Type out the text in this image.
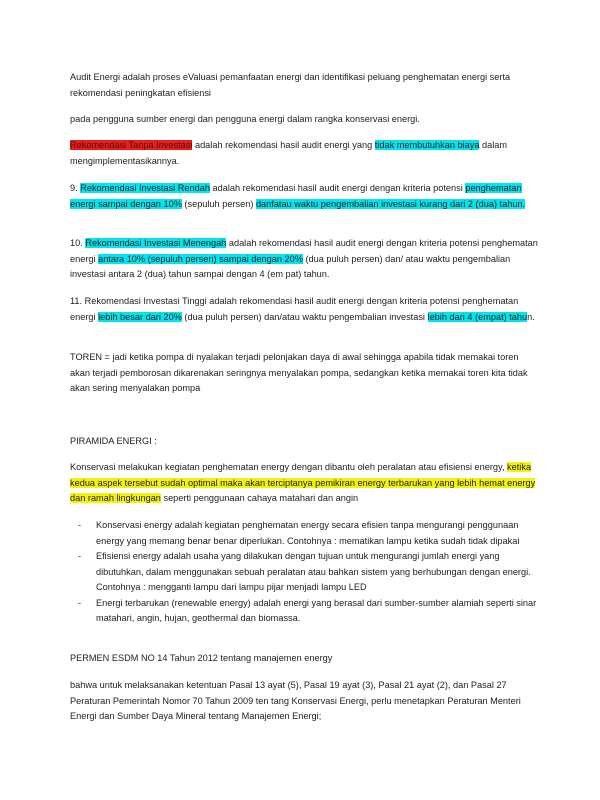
Audit Energi adalah proses eValuasi pemanfaatan energi dan identifikasi peluang penghematan energi serta rekomendasi peningkatan efisiensi

pada pengguna sumber energi dan pengguna energi dalam rangka konservasi energi.

Rekomendasi Tanpa Investasi adalah rekomendasi hasil audit energi yang tidak membutuhkan biaya dalam mengimplementasikannya.

9. Rekomendasi Investasi Rendah adalah rekomendasi hasil audit energi dengan kriteria potensi penghematan energi sampai dengan 10% (sepuluh persen) danfatau waktu pengembalian investasi kurang dari 2 (dua) tahun.

10. Rekomendasi Investasi Menengah adalah rekomendasi hasil audit energi dengan kriteria potensi penghematan energi antara 10% (sepuluh persen) sampai dengan 20% (dua puluh persen) dan/ atau waktu pengembalian investasi antara 2 (dua) tahun sampai dengan 4 (em pat) tahun.

11. Rekomendasi Investasi Tinggi adalah rekomendasi hasil audit energi dengan kriteria potensi penghematan energi lebih besar dari 20% (dua puluh persen) dan/atau waktu pengembalian investasi lebih dari 4 (empat) tahun.

TOREN = jadi ketika pompa di nyalakan terjadi pelonjakan daya di awal sehingga apabila tidak memakai toren akan terjadi pemborosan dikarenakan seringnya menyalakan pompa, sedangkan ketika memakai toren kita tidak akan sering menyalakan pompa

PIRAMIDA ENERGI :

Konservasi melakukan kegiatan penghematan energy dengan dibantu oleh peralatan atau efisiensi energy, ketika kedua aspek tersebut sudah optimal maka akan terciptanya pemikiran energy terbarukan yang lebih hemat energy dan ramah lingkungan seperti penggunaan cahaya matahari dan angin

- Konservasi energy adalah kegiatan penghematan energy secara efisien tanpa mengurangi penggunaan energy yang memang benar benar diperlukan. Contohnya : mematikan lampu ketika sudah tidak dipakai
- Efisiensi energy adalah usaha yang dilakukan dengan tujuan untuk mengurangi jumlah energi yang dibutuhkan, dalam menggunakan sebuah peralatan atau bahkan sistem yang berhubungan dengan energi. Contohnya : mengganti lampu dari lampu pijar menjadi lampu LED
- Energi terbarukan (renewable energy) adalah energi yang berasal dari sumber-sumber alamiah seperti sinar matahari, angin, hujan, geothermal dan biomassa.

PERMEN ESDM NO 14 Tahun 2012 tentang manajemen energy

bahwa untuk melaksanakan ketentuan Pasal 13 ayat (5), Pasal 19 ayat (3), Pasal 21 ayat (2), dan Pasal 27 Peraturan Pemerintah Nomor 70 Tahun 2009 ten tang Konservasi Energi, perlu menetapkan Peraturan Menteri Energi dan Sumber Daya Mineral tentang Manajemen Energi;
